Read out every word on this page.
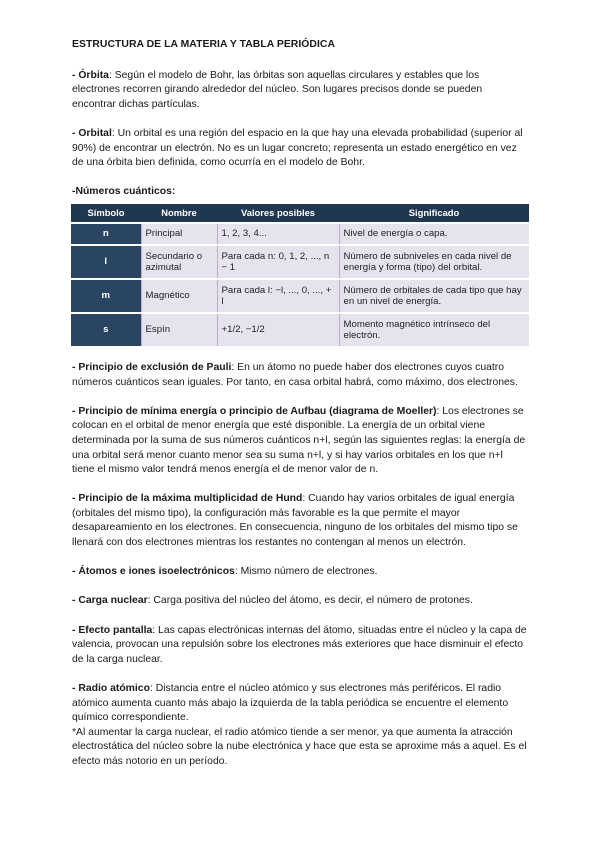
ESTRUCTURA DE LA MATERIA Y TABLA PERIÓDICA

- Órbita: Según el modelo de Bohr, las órbitas son aquellas circulares y estables que los electrones recorren girando alrededor del núcleo. Son lugares precisos donde se pueden encontrar dichas partículas.

- Orbital: Un orbital es una región del espacio en la que hay una elevada probabilidad (superior al 90%) de encontrar un electrón. No es un lugar concreto; representa un estado energético en vez de una órbita bien definida, como ocurría en el modelo de Bohr.

-Números cuánticos:
Símbolo	Nombre	Valores posibles	Significado
n	Principal	1, 2, 3, 4...	Nivel de energía o capa.
l	Secundario o azimutal	Para cada n: 0, 1, 2, ..., n − 1	Número de subniveles en cada nivel de energía y forma (tipo) del orbital.
m	Magnético	Para cada l: −l, ..., 0, ..., + l	Número de orbitales de cada tipo que hay en un nivel de energía.
s	Espín	+1/2, −1/2	Momento magnético intrínseco del electrón.

- Principio de exclusión de Pauli: En un átomo no puede haber dos electrones cuyos cuatro números cuánticos sean iguales. Por tanto, en casa orbital habrá, como máximo, dos electrones.

- Principio de mínima energía o principio de Aufbau (diagrama de Moeller): Los electrones se colocan en el orbital de menor energía que esté disponible. La energía de un orbital viene determinada por la suma de sus números cuánticos n+l, según las siguientes reglas: la energía de una orbital será menor cuanto menor sea su suma n+l, y si hay varios orbitales en los que n+l tiene el mismo valor tendrá menos energía el de menor valor de n.

- Principio de la máxima multiplicidad de Hund: Cuando hay varios orbitales de igual energía (orbitales del mismo tipo), la configuración más favorable es la que permite el mayor desapareamiento en los electrones. En consecuencia, ninguno de los orbitales del mismo tipo se llenará con dos electrones mientras los restantes no contengan al menos un electrón.

- Átomos e iones isoelectrónicos: Mismo número de electrones.

- Carga nuclear: Carga positiva del núcleo del átomo, es decir, el número de protones.

- Efecto pantalla: Las capas electrónicas internas del átomo, situadas entre el núcleo y la capa de valencia, provocan una repulsión sobre los electrones más exteriores que hace disminuir el efecto de la carga nuclear.

- Radio atómico: Distancia entre el núcleo atómico y sus electrones más periféricos. El radio atómico aumenta cuanto más abajo la izquierda de la tabla periódica se encuentre el elemento químico correspondiente.

*Al aumentar la carga nuclear, el radio atómico tiende a ser menor, ya que aumenta la atracción electrostática del núcleo sobre la nube electrónica y hace que esta se aproxime más a aquel. Es el efecto más notorio en un período.
